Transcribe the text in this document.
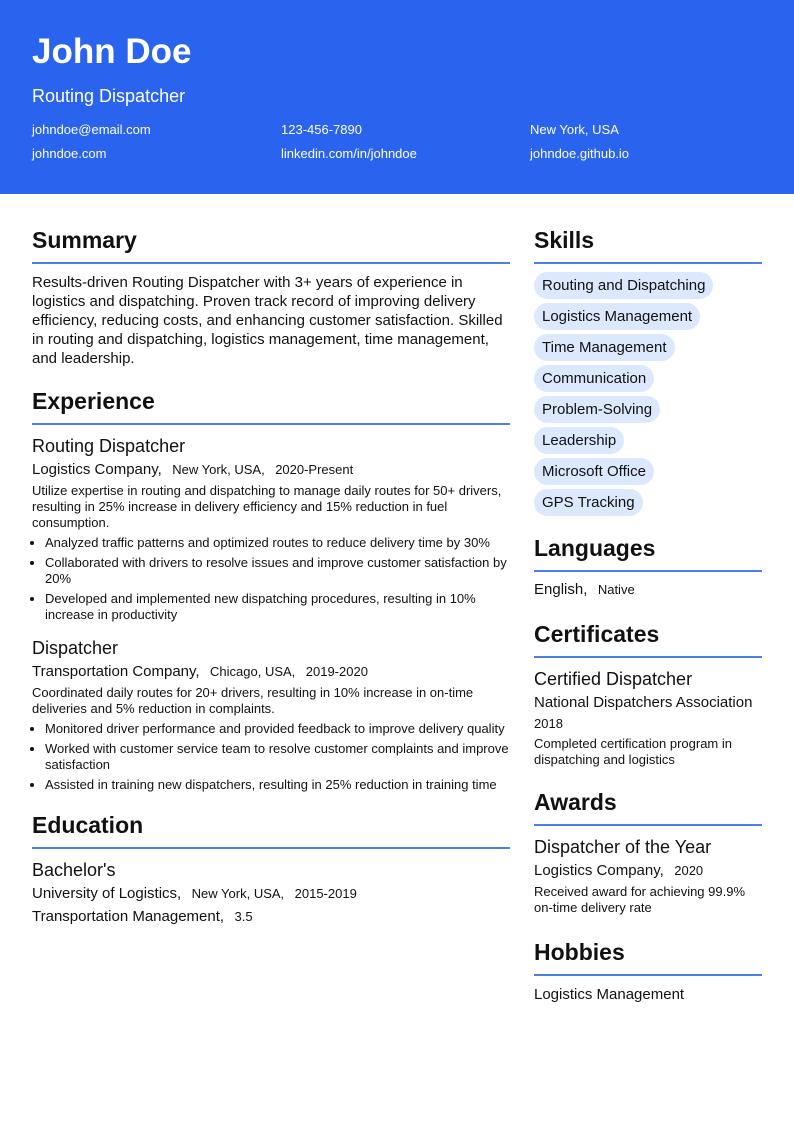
John Doe
Routing Dispatcher
johndoe@email.com	123-456-7890	New York, USA
johndoe.com	linkedin.com/in/johndoe	johndoe.github.io
Summary
Results-driven Routing Dispatcher with 3+ years of experience in logistics and dispatching. Proven track record of improving delivery efficiency, reducing costs, and enhancing customer satisfaction. Skilled in routing and dispatching, logistics management, time management, and leadership.
Experience
Routing Dispatcher
Logistics Company, New York, USA, 2020-Present
Utilize expertise in routing and dispatching to manage daily routes for 50+ drivers, resulting in 25% increase in delivery efficiency and 15% reduction in fuel consumption.
• Analyzed traffic patterns and optimized routes to reduce delivery time by 30%
• Collaborated with drivers to resolve issues and improve customer satisfaction by 20%
• Developed and implemented new dispatching procedures, resulting in 10% increase in productivity
Dispatcher
Transportation Company, Chicago, USA, 2019-2020
Coordinated daily routes for 20+ drivers, resulting in 10% increase in on-time deliveries and 5% reduction in complaints.
• Monitored driver performance and provided feedback to improve delivery quality
• Worked with customer service team to resolve customer complaints and improve satisfaction
• Assisted in training new dispatchers, resulting in 25% reduction in training time
Education
Bachelor's
University of Logistics, New York, USA, 2015-2019
Transportation Management, 3.5
Skills
Routing and Dispatching
Logistics Management
Time Management
Communication
Problem-Solving
Leadership
Microsoft Office
GPS Tracking
Languages
English, Native
Certificates
Certified Dispatcher
National Dispatchers Association
2018
Completed certification program in dispatching and logistics
Awards
Dispatcher of the Year
Logistics Company, 2020
Received award for achieving 99.9% on-time delivery rate
Hobbies
Logistics Management
